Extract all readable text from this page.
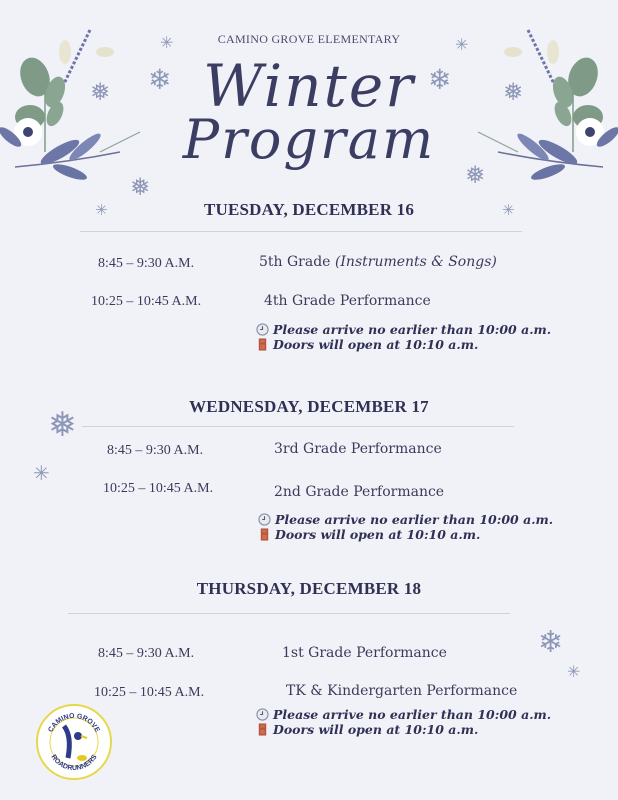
✳
❄
❅
❅
✳
✳
❄ ❅
❅
✳
❅
✳
❄
✳
CAMINO GROVE ELEMENTARY
Winter
Program
TUESDAY, DECEMBER 16
8:45 – 9:30 A.M.	5th Grade (Instruments & Songs)
10:25 – 10:45 A.M.	4th Grade Performance
Please arrive no earlier than 10:00 a.m.
Doors will open at 10:10 a.m.
WEDNESDAY, DECEMBER 17
8:45 – 9:30 A.M.	3rd Grade Performance
10:25 – 10:45 A.M.	2nd Grade Performance
Please arrive no earlier than 10:00 a.m.
Doors will open at 10:10 a.m.
THURSDAY, DECEMBER 18
8:45 – 9:30 A.M.	1st Grade Performance
10:25 – 10:45 A.M.	TK & Kindergarten Performance
Please arrive no earlier than 10:00 a.m.
Doors will open at 10:10 a.m.
CAMINO GROVE
ROADRUNNERS
